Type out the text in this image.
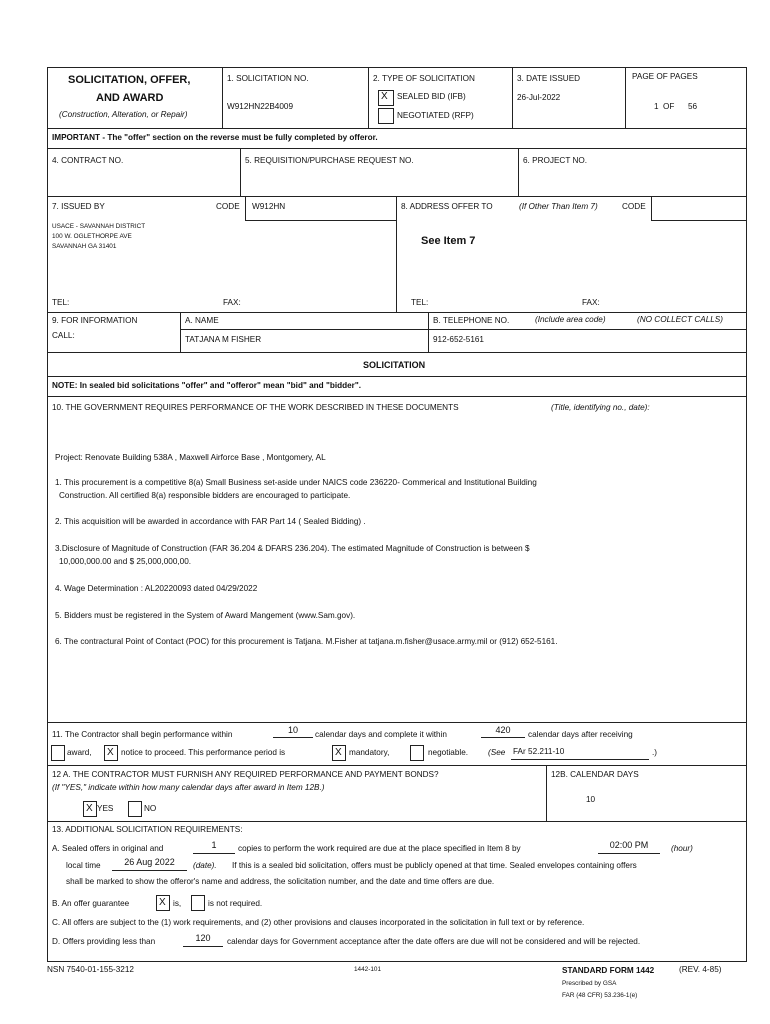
SOLICITATION, OFFER,
AND AWARD
(Construction, Alteration, or Repair)
1. SOLICITATION NO.
W912HN22B4009
2. TYPE OF SOLICITATION
X SEALED BID (IFB)
NEGOTIATED (RFP)
3. DATE ISSUED
26-Jul-2022
PAGE OF PAGES
1 OF 56
IMPORTANT - The "offer" section on the reverse must be fully completed by offeror.
4. CONTRACT NO.	5. REQUISITION/PURCHASE REQUEST NO.	6. PROJECT NO.
7. ISSUED BY	CODE W912HN	8. ADDRESS OFFER TO	(If Other Than Item 7)	CODE
USACE - SAVANNAH DISTRICT
100 W. OGLETHORPE AVE
SAVANNAH GA 31401	See Item 7
TEL:	FAX:	TEL:	FAX:
9. FOR INFORMATION
CALL:
A. NAME
TATJANA M FISHER
B. TELEPHONE NO.	(Include area code)	(NO COLLECT CALLS)
912-652-5161
SOLICITATION
NOTE: In sealed bid solicitations "offer" and "offeror" mean "bid" and "bidder".
10. THE GOVERNMENT REQUIRES PERFORMANCE OF THE WORK DESCRIBED IN THESE DOCUMENTS	(Title, identifying no., date):
Project: Renovate Building 538A , Maxwell Airforce Base , Montgomery, AL
1. This procurement is a competitive 8(a) Small Business set-aside under NAICS code 236220- Commerical and Institutional Building
Construction. All certified 8(a) responsible bidders are encouraged to participate.
2. This acquisition will be awarded in accordance with FAR Part 14 ( Sealed Bidding) .
3.Disclosure of Magnitude of Construction (FAR 36.204 & DFARS 236.204). The estimated Magnitude of Construction is between $
10,000,000.00 and $ 25,000,000,00.
4. Wage Determination : AL20220093 dated 04/29/2022
5. Bidders must be registered in the System of Award Mangement (www.Sam.gov).
6. The contractural Point of Contact (POC) for this procurement is Tatjana. M.Fisher at tatjana.m.fisher@usace.army.mil or (912) 652-5161.
11. The Contractor shall begin performance within	10	calendar days and complete it within	420	calendar days after receiving
award, X notice to proceed. This performance period is	X mandatory,	negotiable. (See FAr 52.211-10	.)
12 A. THE CONTRACTOR MUST FURNISH ANY REQUIRED PERFORMANCE AND PAYMENT BONDS?
(If "YES," indicate within how many calendar days after award in Item 12B.)
X YES	NO
12B. CALENDAR DAYS
10
13. ADDITIONAL SOLICITATION REQUIREMENTS:
A. Sealed offers in original and	1	copies to perform the work required are due at the place specified in Item 8 by	02:00 PM	(hour)
local time	26 Aug 2022	(date). If this is a sealed bid solicitation, offers must be publicly opened at that time. Sealed envelopes containing offers
shall be marked to show the offeror's name and address, the solicitation number, and the date and time offers are due.
B. An offer guarantee	X is,	is not required.
C. All offers are subject to the (1) work requirements, and (2) other provisions and clauses incorporated in the solicitation in full text or by reference.
D. Offers providing less than	120	calendar days for Government acceptance after the date offers are due will not be considered and will be rejected.
NSN 7540-01-155-3212	1442-101	STANDARD FORM 1442	(REV. 4-85)
Prescribed by GSA
FAR (48 CFR) 53.236-1(e)
